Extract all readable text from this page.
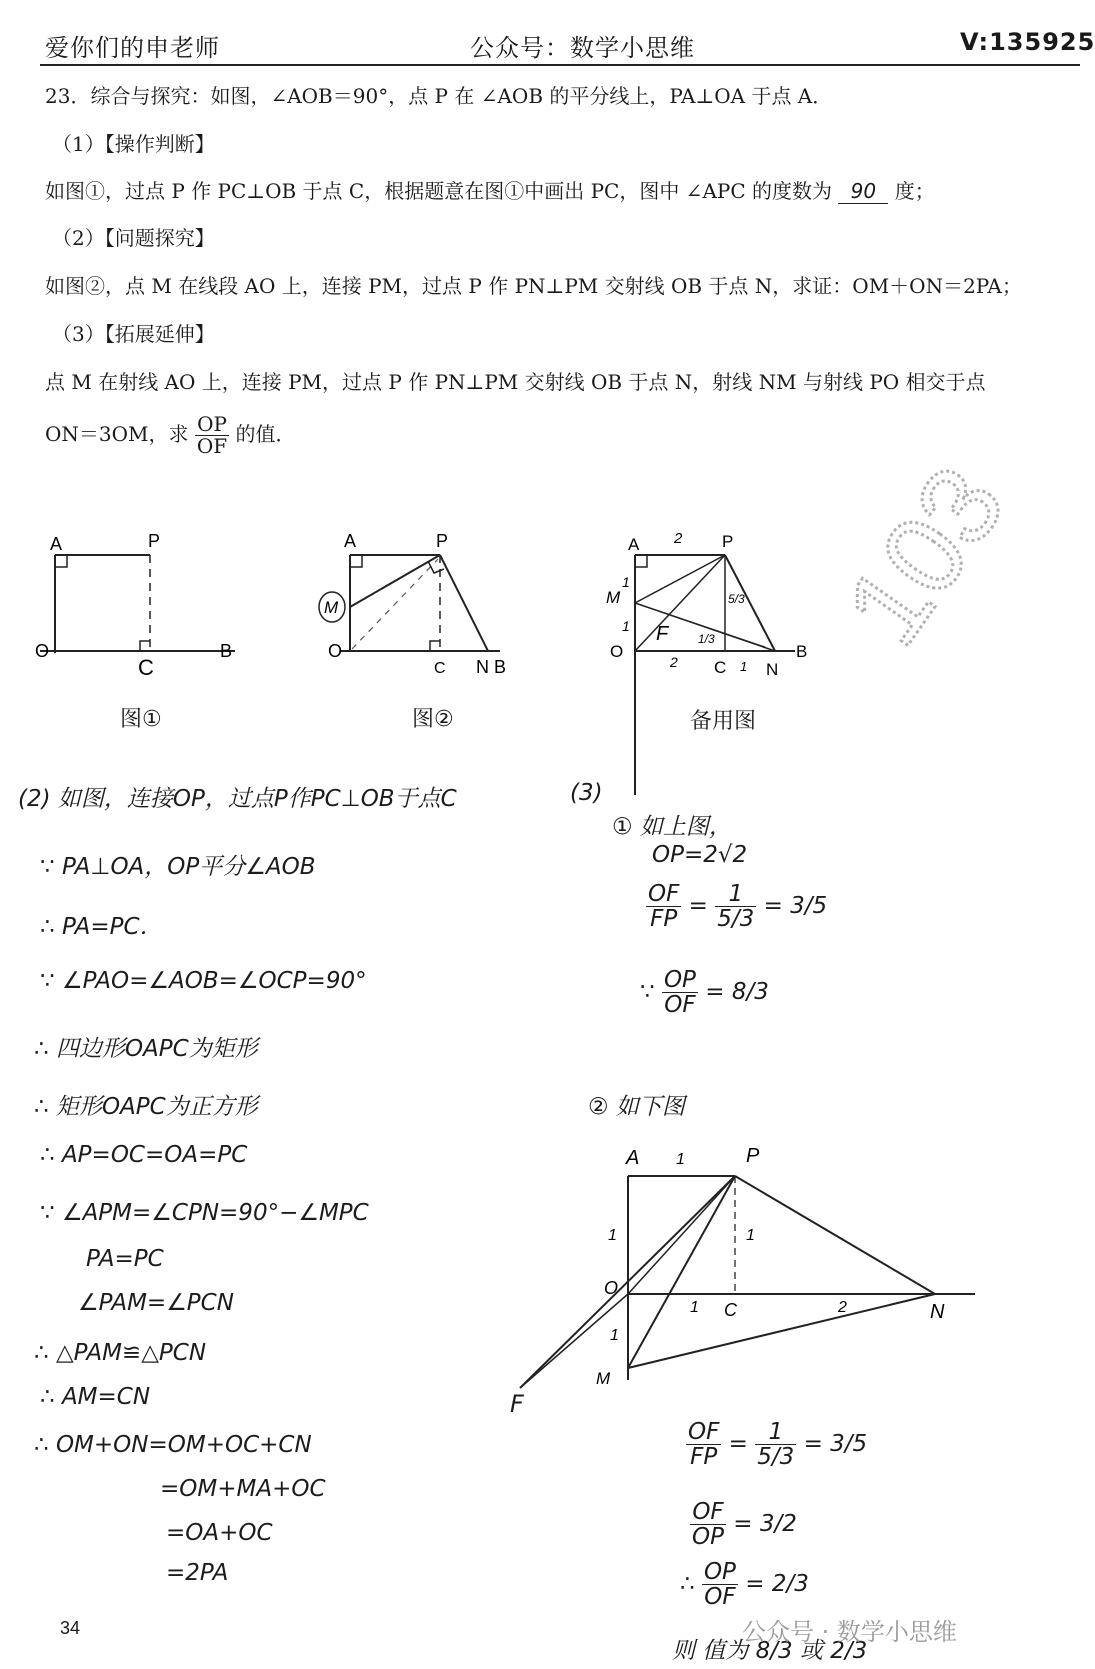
爱你们的申老师	公众号：数学小思维	V:135925
23．综合与探究：如图，∠AOB＝90°，点 P 在 ∠AOB 的平分线上，PA⊥OA 于点 A．
（1）【操作判断】
如图①，过点 P 作 PC⊥OB 于点 C，根据题意在图①中画出 PC，图中 ∠APC 的度数为 90 度；
（2）【问题探究】
如图②，点 M 在线段 AO 上，连接 PM，过点 P 作 PN⊥PM 交射线 OB 于点 N，求证：OM＋ON＝2PA；
（3）【拓展延伸】
点 M 在射线 AO 上，连接 PM，过点 P 作 PN⊥PM 交射线 OB 于点 N，射线 NM 与射线 PO 相交于点
ON＝3OM，求 $\frac{OP}{OF}$ 的值．
103
A	P
O	B
C
图①
A	P
M
O
C N B
图②
A	P
2
M
1
1
O
2
F
C 1 N
B
5/3
1/3
备用图
(2) 如图，连接OP，过点P作PC⊥OB于点C
∵ PA⊥OA，OP平分∠AOB
∴ PA=PC．
∵ ∠PAO=∠AOB=∠OCP=90°
∴ 四边形OAPC为矩形
∴ 矩形OAPC为正方形
∴ AP=OC=OA=PC
∵ ∠APM=∠CPN=90°−∠MPC
PA=PC
∠PAM=∠PCN
∴ △PAM≌△PCN
∴ AM=CN
∴ OM+ON=OM+OC+CN
=OM+MA+OC
=OA+OC
=2PA
(3)
① 如上图，
OP=2√2
$\frac{OF}{FP} = \frac{1}{5/3} = 3/5$
∵ $\frac{OP}{OF} = 8/3$
② 如下图
A	P
1
O
1
1
M
C
1
1	2	N
F
$\frac{OF}{FP} = \frac{1}{5/3} = 3/5$
$\frac{OF}{OP} = 3/2$
∴ $\frac{OP}{OF} = 2/3$
则 值为 8/3 或 2/3
34	公众号 · 数学小思维
